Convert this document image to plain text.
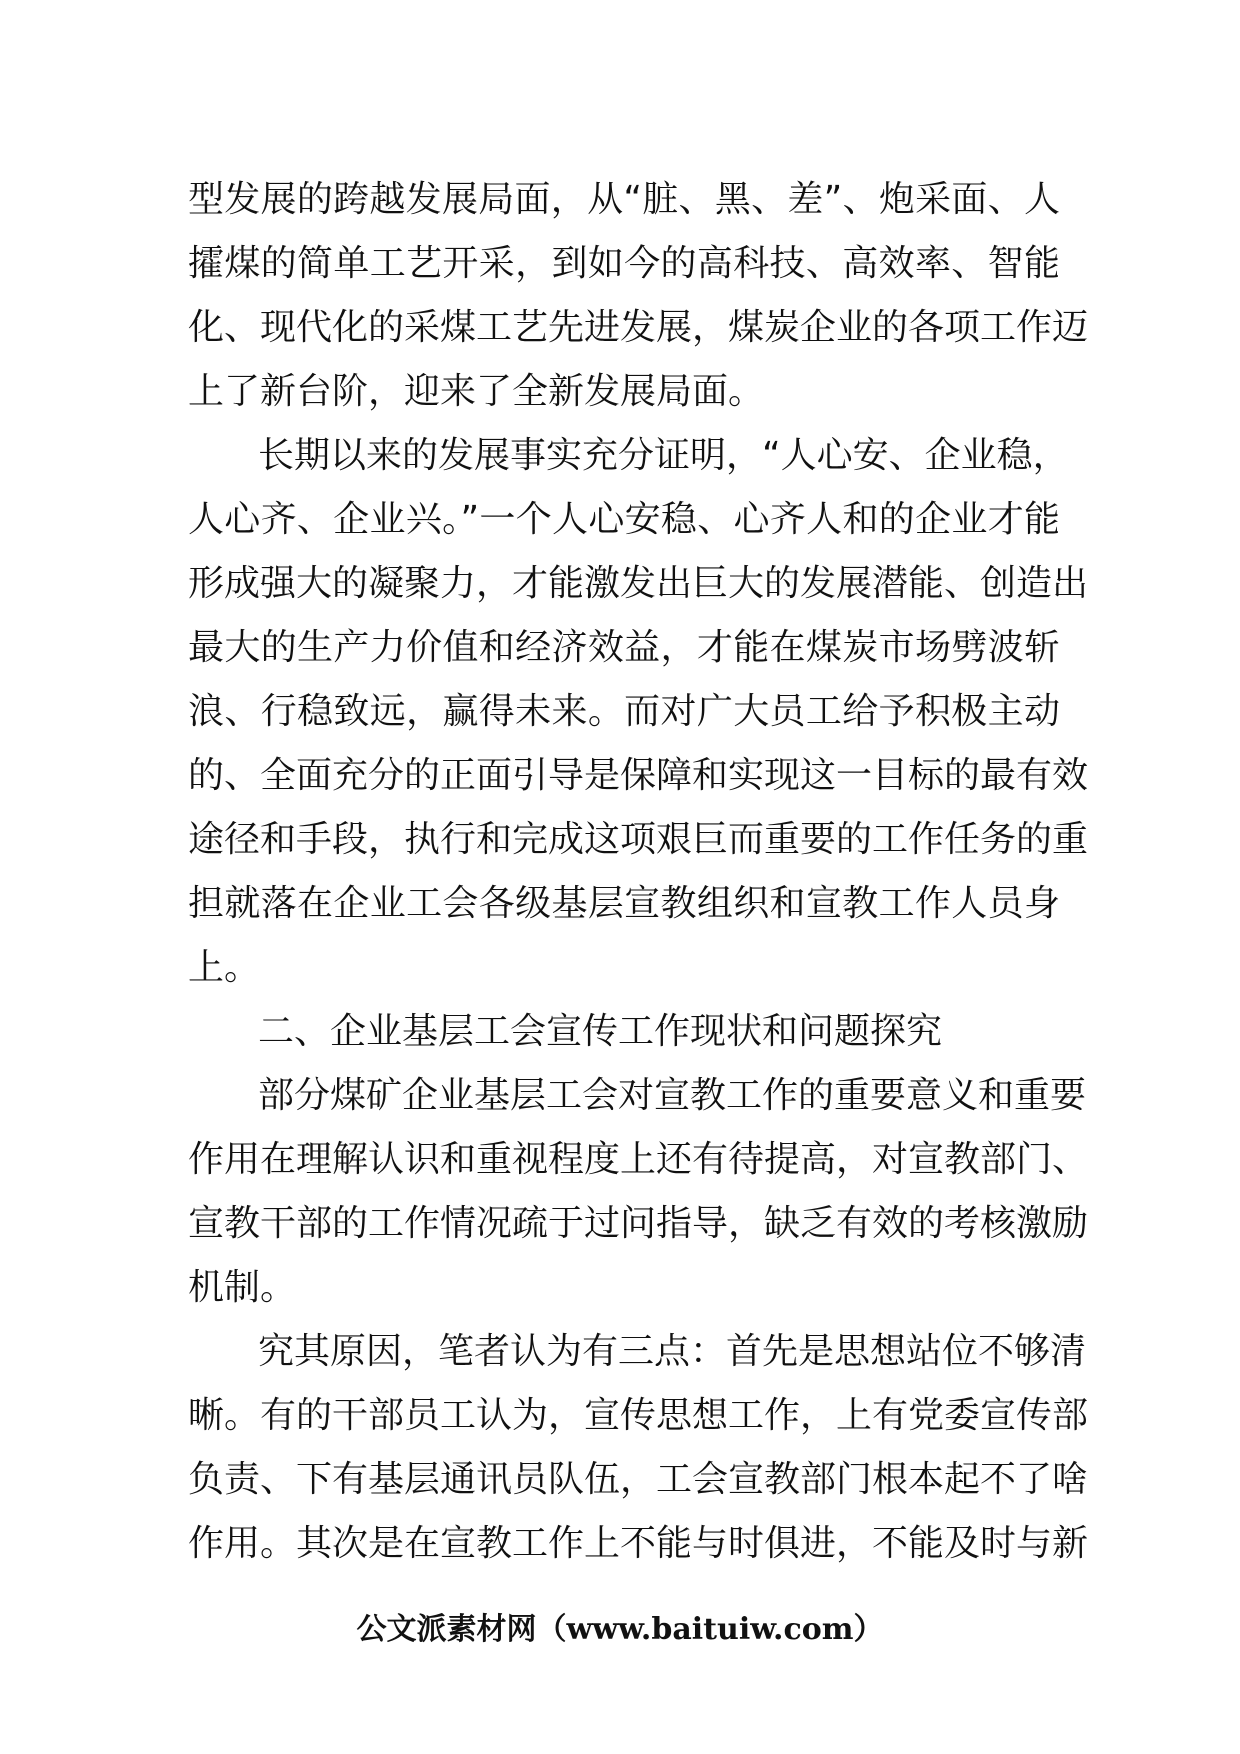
型发展的跨越发展局面，从“脏、黑、差”、炮采面、人
攉煤的简单工艺开采，到如今的高科技、高效率、智能
化、现代化的采煤工艺先进发展，煤炭企业的各项工作迈
上了新台阶，迎来了全新发展局面。
长期以来的发展事实充分证明，“人心安、企业稳，
人心齐、企业兴。”一个人心安稳、心齐人和的企业才能
形成强大的凝聚力，才能激发出巨大的发展潜能、创造出
最大的生产力价值和经济效益，才能在煤炭市场劈波斩
浪、行稳致远，赢得未来。而对广大员工给予积极主动
的、全面充分的正面引导是保障和实现这一目标的最有效
途径和手段，执行和完成这项艰巨而重要的工作任务的重
担就落在企业工会各级基层宣教组织和宣教工作人员身
上。
二、企业基层工会宣传工作现状和问题探究
部分煤矿企业基层工会对宣教工作的重要意义和重要
作用在理解认识和重视程度上还有待提高，对宣教部门、
宣教干部的工作情况疏于过问指导，缺乏有效的考核激励
机制。
究其原因，笔者认为有三点：首先是思想站位不够清
晰。有的干部员工认为，宣传思想工作，上有党委宣传部
负责、下有基层通讯员队伍，工会宣教部门根本起不了啥
作用。其次是在宣教工作上不能与时俱进，不能及时与新
公文派素材网（www.baituiw.com）
